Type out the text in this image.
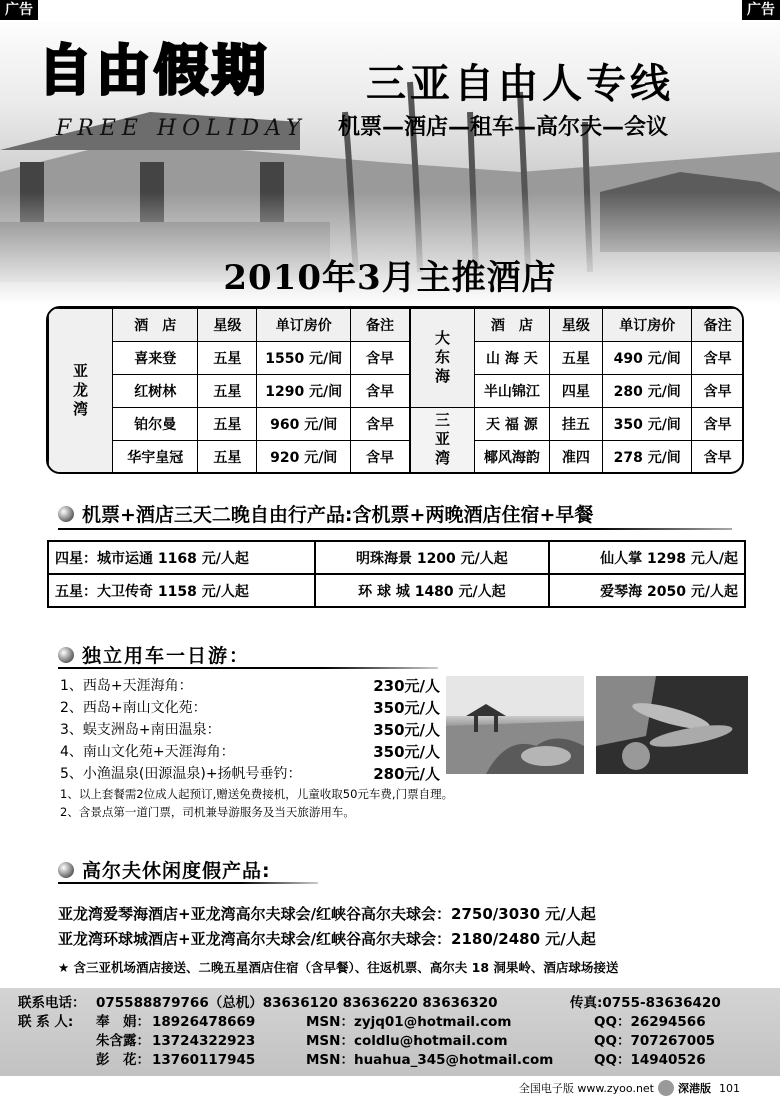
广告	广告
自由假期
FREE HOLIDAY
三亚自由人专线
机票—酒店—租车—高尔夫—会议
2010年3月主推酒店
亚龙湾	酒　店	星级	单订房价	备注
	喜来登	五星	1550 元/间	含早
	红树林	五星	1290 元/间	含早
	铂尔曼	五星	960 元/间	含早
	华宇皇冠	五星	920 元/间	含早
大东海	酒　店	星级	单订房价	备注
	山 海 天	五星	490 元/间	含早
	半山锦江	四星	280 元/间	含早
三亚湾	天 福 源	挂五	350 元/间	含早
	椰风海韵	准四	278 元/间	含早
机票+酒店三天二晚自由行产品:含机票+两晚酒店住宿+早餐
四星：城市运通 1168 元/人起	明珠海景 1200 元/人起	仙人掌 1298 元人/起
五星：大卫传奇 1158 元/人起	环 球 城 1480 元/人起	爱琴海 2050 元/人起
独立用车一日游：
1、西岛+天涯海角：	230元/人
2、西岛+南山文化苑：	350元/人
3、蜈支洲岛+南田温泉：	350元/人
4、南山文化苑+天涯海角：	350元/人
5、小渔温泉(田源温泉)+扬帆号垂钓：	280元/人
1、以上套餐需2位成人起预订,赠送免费接机，儿童收取50元车费,门票自理。
2、含景点第一道门票，司机兼导游服务及当天旅游用车。
高尔夫休闲度假产品:
亚龙湾爱琴海酒店+亚龙湾高尔夫球会/红峡谷高尔夫球会：2750/3030 元/人起
亚龙湾环球城酒店+亚龙湾高尔夫球会/红峡谷高尔夫球会：2180/2480 元/人起
★ 含三亚机场酒店接送、二晚五星酒店住宿（含早餐）、往返机票、高尔夫 18 洞果岭、酒店球场接送
联系电话： 075588879766（总机）83636120 83636220 83636320	传真:0755-83636420
联 系 人:	奉　娟： 18926478669	MSN：zyjq01@hotmail.com	QQ：26294566
朱含露： 13724322923	MSN：coldlu@hotmail.com	QQ：707267005
彭　花： 13760117945	MSN：huahua_345@hotmail.com	QQ：14940526
全国电子版 www.zyoo.net 深港版 101
